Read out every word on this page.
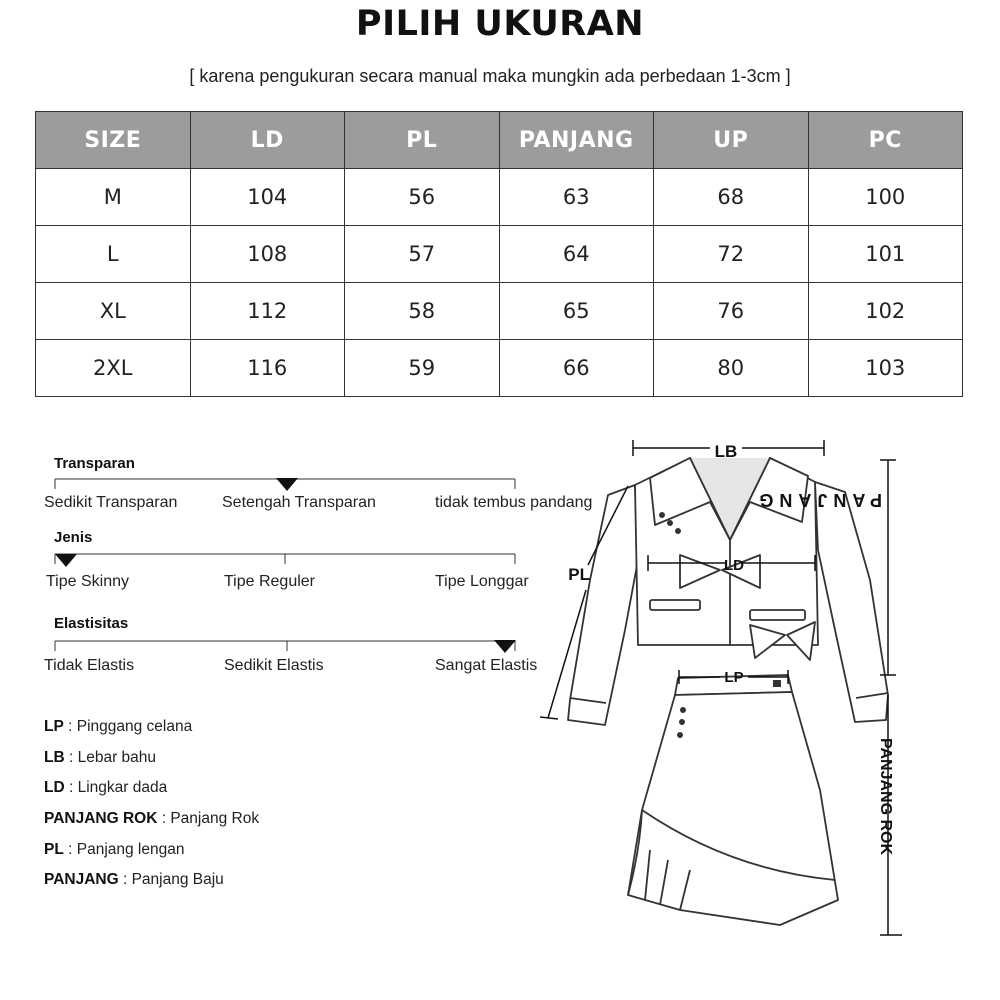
PILIH UKURAN
[ karena pengukuran secara manual maka mungkin ada perbedaan 1-3cm ]
SIZE	LD	PL	PANJANG	UP	PC
M	104	56	63	68	100
L	108	57	64	72	101
XL	112	58	65	76	102
2XL	116	59	66	80	103
Transparan
Sedikit Transparan	Setengah Transparan	tidak tembus pandang
Jenis
Tipe Skinny	Tipe Reguler	Tipe Longgar
Elastisitas
Tidak Elastis	Sedikit Elastis	Sangat Elastis
LP : Pinggang celana
LB : Lebar bahu
LD : Lingkar dada
PANJANG ROK : Panjang Rok
PL : Panjang lengan
PANJANG : Panjang Baju
LB
LD
PL
LP
PANJANG
PANJANG ROK
